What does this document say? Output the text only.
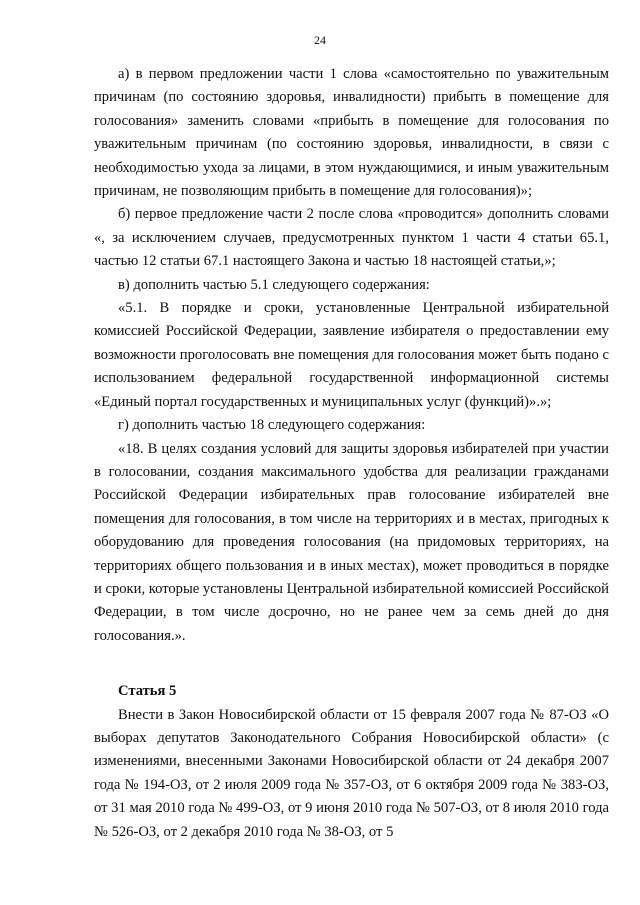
24

а) в первом предложении части 1 слова «самостоятельно по уважительным причинам (по состоянию здоровья, инвалидности) прибыть в помещение для голосования» заменить словами «прибыть в помещение для голосования по уважительным причинам (по состоянию здоровья, инвалидности, в связи с необходимостью ухода за лицами, в этом нуждающимися, и иным уважительным причинам, не позволяющим прибыть в помещение для голосования)»;

б) первое предложение части 2 после слова «проводится» дополнить словами «, за исключением случаев, предусмотренных пунктом 1 части 4 статьи 65.1, частью 12 статьи 67.1 настоящего Закона и частью 18 настоящей статьи,»;

в) дополнить частью 5.1 следующего содержания:

«5.1. В порядке и сроки, установленные Центральной избирательной комиссией Российской Федерации, заявление избирателя о предоставлении ему возможности проголосовать вне помещения для голосования может быть подано с использованием федеральной государственной информационной системы «Единый портал государственных и муниципальных услуг (функций)».»;

г) дополнить частью 18 следующего содержания:

«18. В целях создания условий для защиты здоровья избирателей при участии в голосовании, создания максимального удобства для реализации гражданами Российской Федерации избирательных прав голосование избирателей вне помещения для голосования, в том числе на территориях и в местах, пригодных к оборудованию для проведения голосования (на придомовых территориях, на территориях общего пользования и в иных местах), может проводиться в порядке и сроки, которые установлены Центральной избирательной комиссией Российской Федерации, в том числе досрочно, но не ранее чем за семь дней до дня голосования.».

Статья 5

Внести в Закон Новосибирской области от 15 февраля 2007 года № 87-ОЗ «О выборах депутатов Законодательного Собрания Новосибирской области» (с изменениями, внесенными Законами Новосибирской области от 24 декабря 2007 года № 194-ОЗ, от 2 июля 2009 года № 357-ОЗ, от 6 октября 2009 года № 383-ОЗ, от 31 мая 2010 года № 499-ОЗ, от 9 июня 2010 года № 507-ОЗ, от 8 июля 2010 года № 526-ОЗ, от 2 декабря 2010 года № 38-ОЗ, от 5
